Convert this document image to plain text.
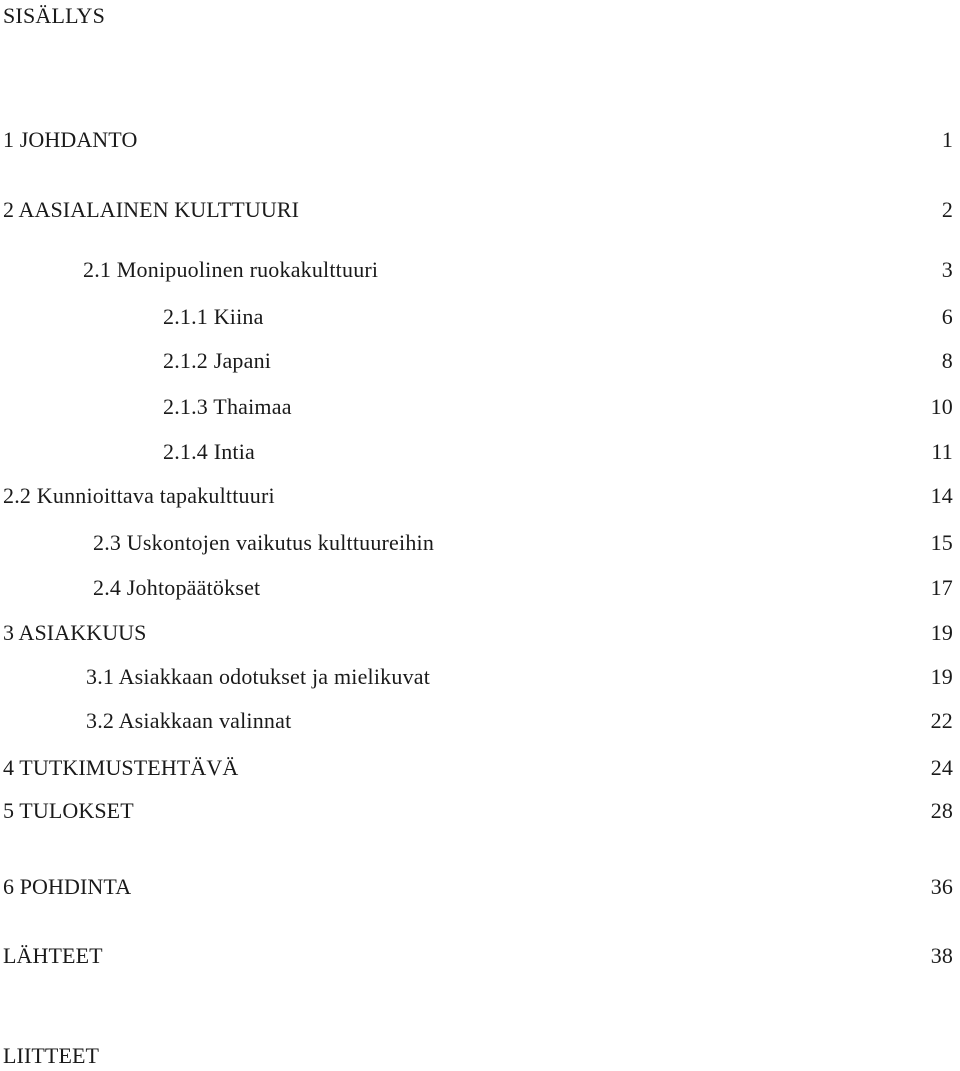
SISÄLLYS
1 JOHDANTO	1
2 AASIALAINEN KULTTUURI	2
2.1 Monipuolinen ruokakulttuuri	3
2.1.1 Kiina	6
2.1.2 Japani	8
2.1.3 Thaimaa	10
2.1.4 Intia	11
2.2 Kunnioittava tapakulttuuri	14
2.3 Uskontojen vaikutus kulttuureihin	15
2.4 Johtopäätökset	17
3 ASIAKKUUS	19
3.1 Asiakkaan odotukset ja mielikuvat	19
3.2 Asiakkaan valinnat	22
4 TUTKIMUSTEHTÄVÄ	24
5 TULOKSET	28
6 POHDINTA	36
LÄHTEET	38
LIITTEET
